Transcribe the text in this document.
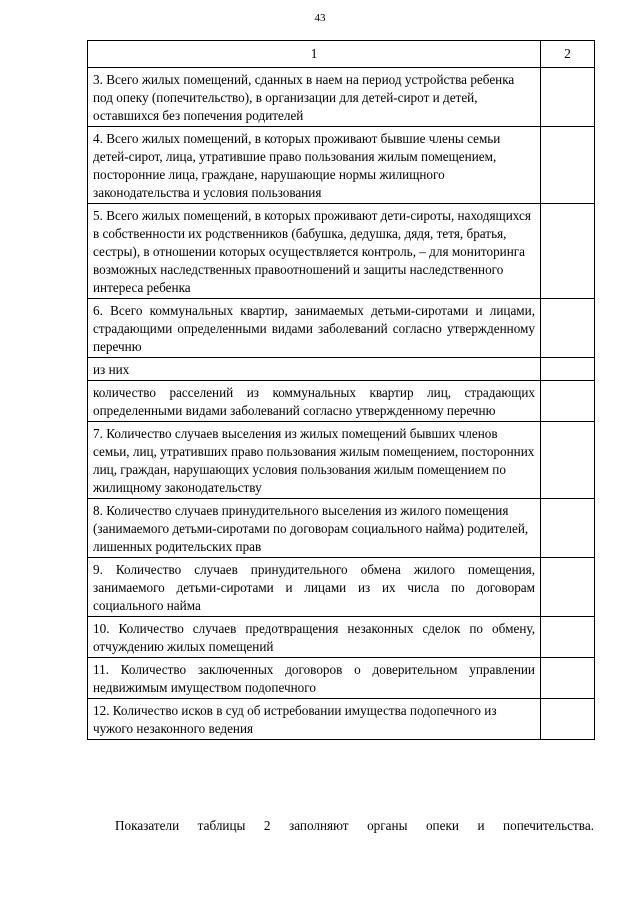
43
1	2
3. Всего жилых помещений, сданных в наем на период устройства ребенка под опеку (попечительство), в организации для детей-сирот и детей, оставшихся без попечения родителей	
4. Всего жилых помещений, в которых проживают бывшие члены семьи детей-сирот, лица, утратившие право пользования жилым помещением, посторонние лица, граждане, нарушающие нормы жилищного законодательства и условия пользования	
5. Всего жилых помещений, в которых проживают дети-сироты, находящихся в собственности их родственников (бабушка, дедушка, дядя, тетя, братья, сестры), в отношении которых осуществляется контроль, – для мониторинга возможных наследственных правоотношений и защиты наследственного интереса ребенка	
6. Всего коммунальных квартир, занимаемых детьми-сиротами и лицами, страдающими определенными видами заболеваний согласно утвержденному перечню	
из них	
количество расселений из коммунальных квартир лиц, страдающих определенными видами заболеваний согласно утвержденному перечню	
7. Количество случаев выселения из жилых помещений бывших членов семьи, лиц, утративших право пользования жилым помещением, посторонних лиц, граждан, нарушающих условия пользования жилым помещением по жилищному законодательству	
8. Количество случаев принудительного выселения из жилого помещения (занимаемого детьми-сиротами по договорам социального найма) родителей, лишенных родительских прав	
9. Количество случаев принудительного обмена жилого помещения, занимаемого детьми-сиротами и лицами из их числа по договорам социального найма	
10. Количество случаев предотвращения незаконных сделок по обмену, отчуждению жилых помещений	
11. Количество заключенных договоров о доверительном управлении недвижимым имуществом подопечного	
12. Количество исков в суд об истребовании имущества подопечного из чужого незаконного ведения	
Показатели таблицы 2 заполняют органы опеки и попечительства.
